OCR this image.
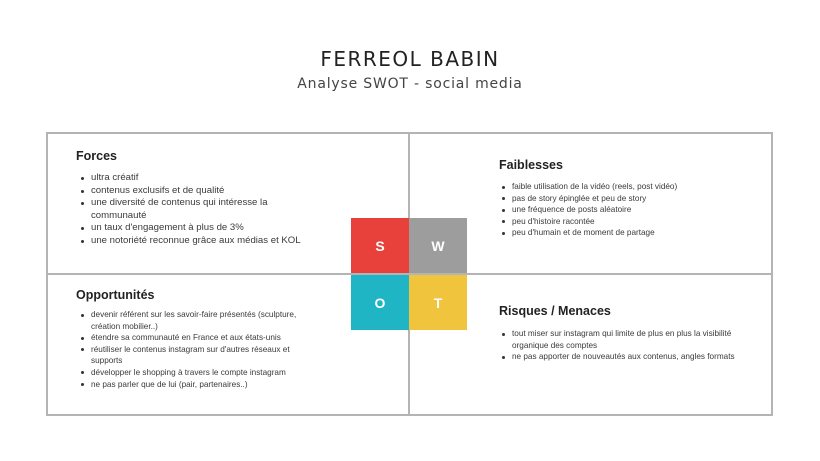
FERREOL BABIN
Analyse SWOT - social media
Forces
ultra créatif
contenus exclusifs et de qualité
une diversité de contenus qui intéresse la communauté
un taux d'engagement à plus de 3%
une notoriété reconnue grâce aux médias et KOL
Faiblesses
faible utilisation de la vidéo (reels, post vidéo)
pas de story épinglée et peu de story
une fréquence de posts aléatoire
peu d'histoire racontée
peu d'humain et de moment de partage
Opportunités
devenir référent sur les savoir-faire présentés (sculpture, création mobilier..)
étendre sa communauté en France et aux états-unis
réutiliser le contenus instagram sur d'autres réseaux et supports
développer le shopping à travers le compte instagram
ne pas parler que de lui (pair, partenaires..)
Risques / Menaces
tout miser sur instagram qui limite de plus en plus la visibilité organique des comptes
ne pas apporter de nouveautés aux contenus, angles formats
S	W
O	T
